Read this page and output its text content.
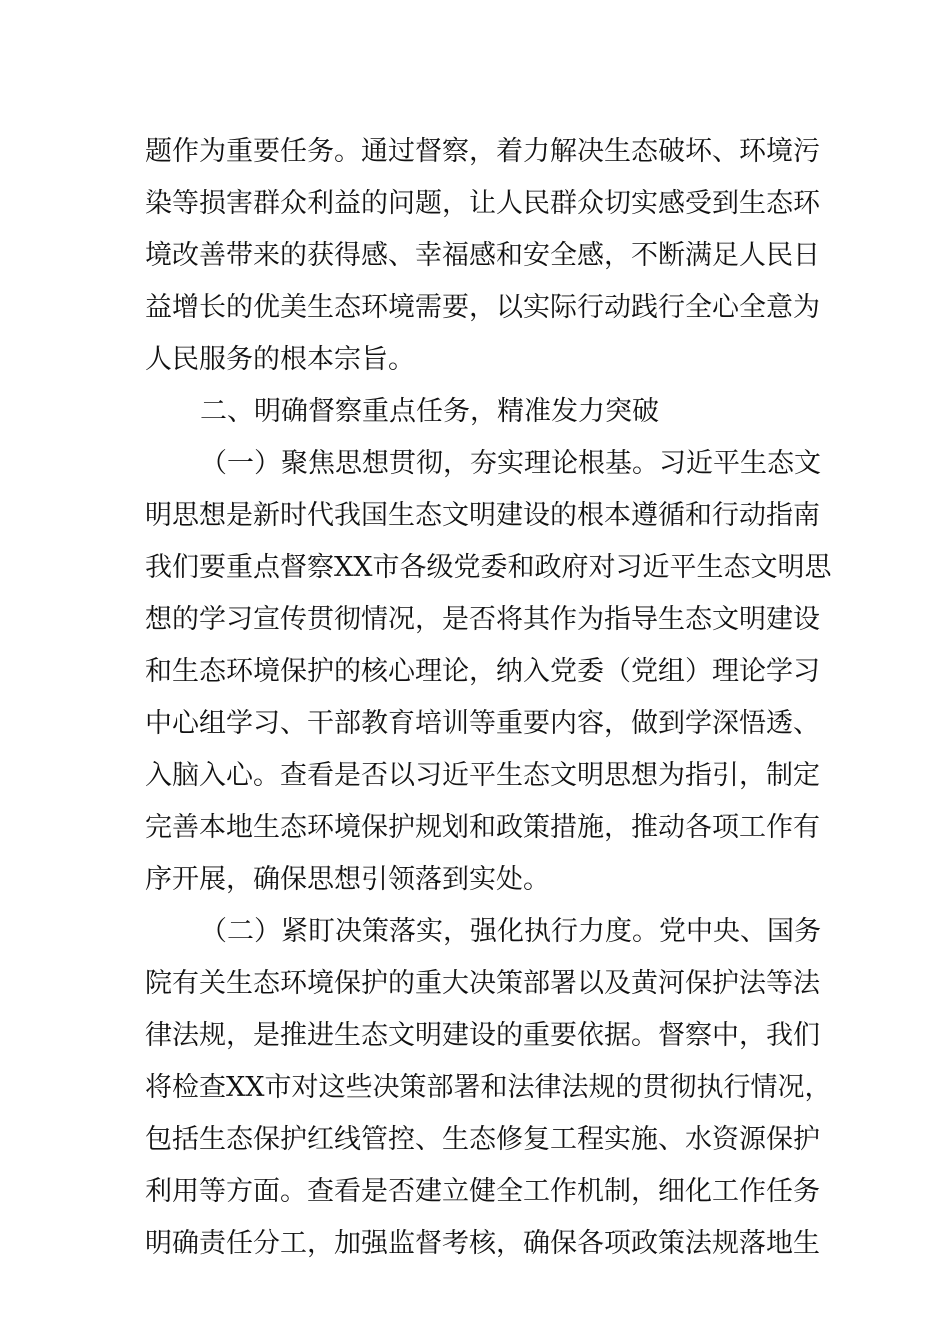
题作为重要任务。通过督察，着力解决生态破坏、环境污
染等损害群众利益的问题，让人民群众切实感受到生态环
境改善带来的获得感、幸福感和安全感，不断满足人民日
益增长的优美生态环境需要，以实际行动践行全心全意为
人民服务的根本宗旨。
二、明确督察重点任务，精准发力突破
（一）聚焦思想贯彻，夯实理论根基。习近平生态文
明思想是新时代我国生态文明建设的根本遵循和行动指南
我们要重点督察XX市各级党委和政府对习近平生态文明思
想的学习宣传贯彻情况，是否将其作为指导生态文明建设
和生态环境保护的核心理论，纳入党委（党组）理论学习
中心组学习、干部教育培训等重要内容，做到学深悟透、
入脑入心。查看是否以习近平生态文明思想为指引，制定
完善本地生态环境保护规划和政策措施，推动各项工作有
序开展，确保思想引领落到实处。
（二）紧盯决策落实，强化执行力度。党中央、国务
院有关生态环境保护的重大决策部署以及黄河保护法等法
律法规，是推进生态文明建设的重要依据。督察中，我们
将检查XX市对这些决策部署和法律法规的贯彻执行情况，
包括生态保护红线管控、生态修复工程实施、水资源保护
利用等方面。查看是否建立健全工作机制，细化工作任务
明确责任分工，加强监督考核，确保各项政策法规落地生
